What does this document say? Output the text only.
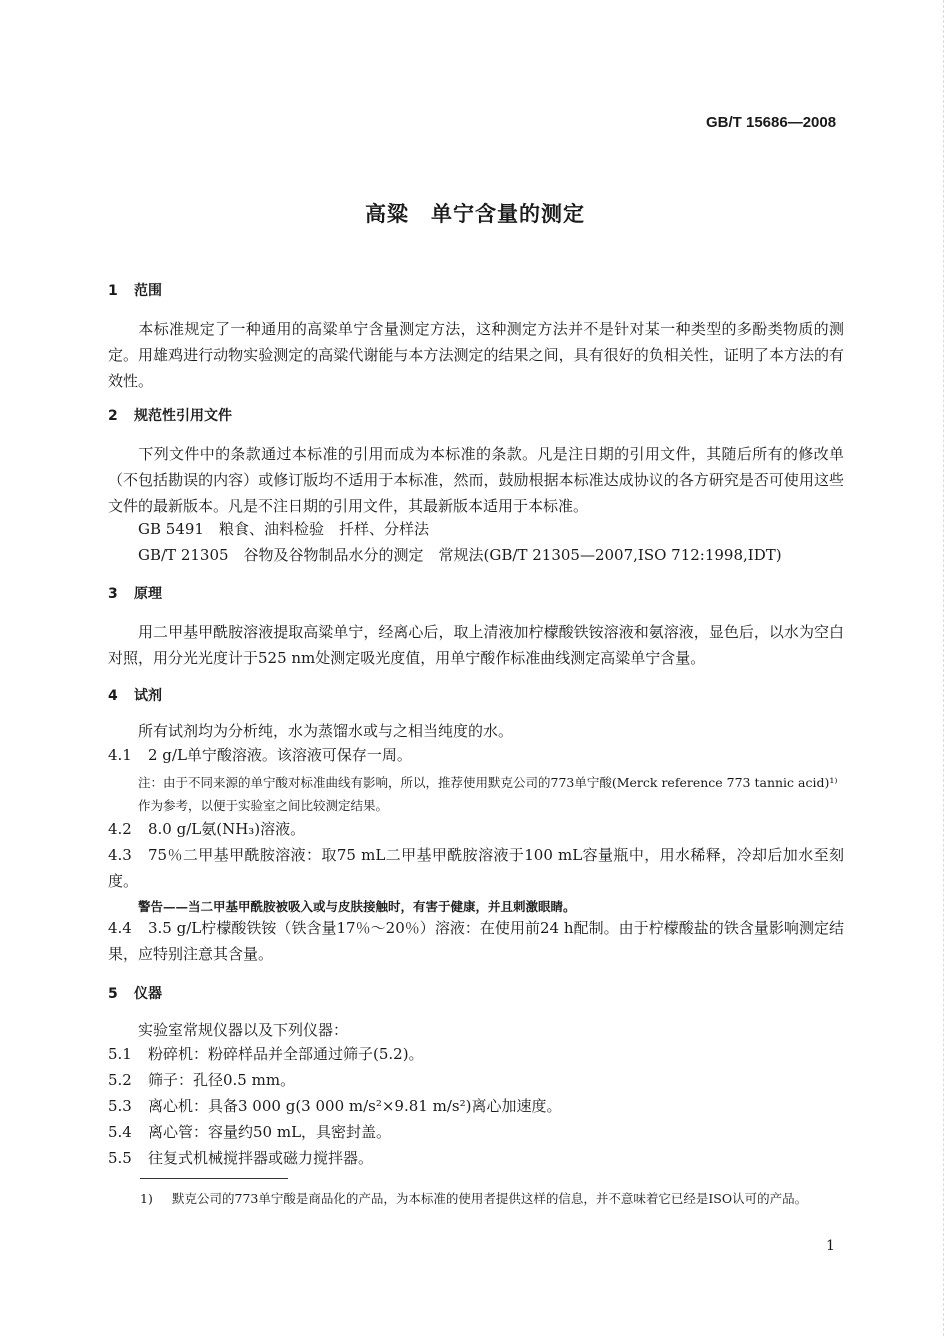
GB/T 15686—2008
高粱　单宁含量的测定
1 范围
本标准规定了一种通用的高粱单宁含量测定方法，这种测定方法并不是针对某一种类型的多酚类物质的测定。用雄鸡进行动物实验测定的高粱代谢能与本方法测定的结果之间，具有很好的负相关性，证明了本方法的有效性。
2 规范性引用文件
下列文件中的条款通过本标准的引用而成为本标准的条款。凡是注日期的引用文件，其随后所有的修改单（不包括勘误的内容）或修订版均不适用于本标准，然而，鼓励根据本标准达成协议的各方研究是否可使用这些文件的最新版本。凡是不注日期的引用文件，其最新版本适用于本标准。
GB 5491　粮食、油料检验　扦样、分样法
GB/T 21305　谷物及谷物制品水分的测定　常规法(GB/T 21305—2007,ISO 712:1998,IDT)
3 原理
用二甲基甲酰胺溶液提取高粱单宁，经离心后，取上清液加柠檬酸铁铵溶液和氨溶液，显色后，以水为空白对照，用分光光度计于525 nm处测定吸光度值，用单宁酸作标准曲线测定高粱单宁含量。
4 试剂
所有试剂均为分析纯，水为蒸馏水或与之相当纯度的水。
4.1 2 g/L单宁酸溶液。该溶液可保存一周。
注：由于不同来源的单宁酸对标准曲线有影响，所以，推荐使用默克公司的773单宁酸(Merck reference 773 tannic acid)¹⁾作为参考，以便于实验室之间比较测定结果。
4.2 8.0 g/L氨(NH₃)溶液。
4.3 75％二甲基甲酰胺溶液：取75 mL二甲基甲酰胺溶液于100 mL容量瓶中，用水稀释，冷却后加水至刻度。
警告——当二甲基甲酰胺被吸入或与皮肤接触时，有害于健康，并且刺激眼睛。
4.4 3.5 g/L柠檬酸铁铵（铁含量17％～20％）溶液：在使用前24 h配制。由于柠檬酸盐的铁含量影响测定结果，应特别注意其含量。
5 仪器
实验室常规仪器以及下列仪器：
5.1 粉碎机：粉碎样品并全部通过筛子(5.2)。
5.2 筛子：孔径0.5 mm。
5.3 离心机：具备3 000 g(3 000 m/s²×9.81 m/s²)离心加速度。
5.4 离心管：容量约50 mL，具密封盖。
5.5 往复式机械搅拌器或磁力搅拌器。
1) 默克公司的773单宁酸是商品化的产品，为本标准的使用者提供这样的信息，并不意味着它已经是ISO认可的产品。
1
